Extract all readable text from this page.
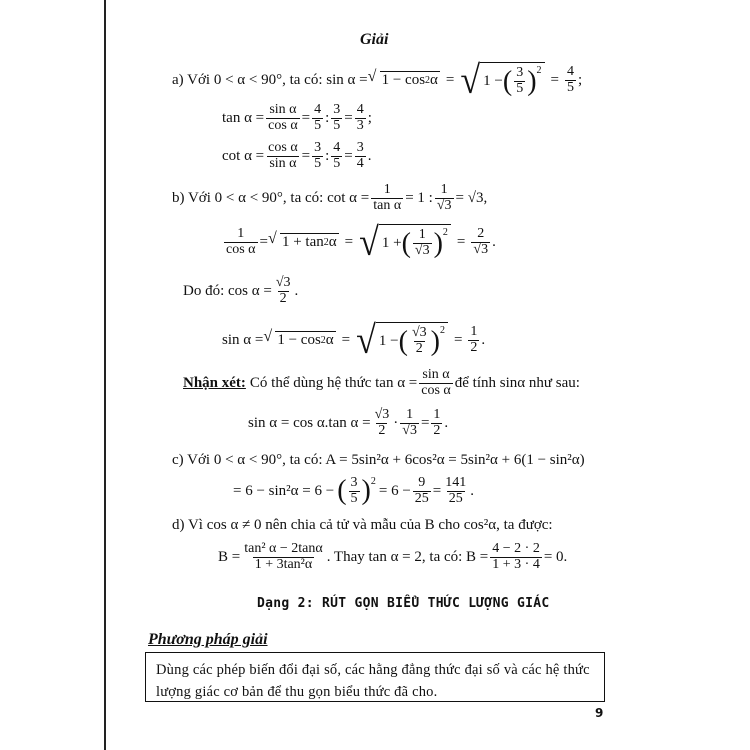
Giải
a) Với 0 < α < 90°, ta có: sin α = √ 1 − cos 2 α = √ 1 − ( $\frac{3}{5}$ ) 2
= $\frac{4}{5}$ ;
$\tan \alpha = \frac{\text{sin α}}{\text{cos α}} = \frac{4}{5}$ : $\frac{3}{5} = \frac{4}{3}$ ;
$\cot \alpha = \frac{\text{cos α}}{\text{sin α}} = \frac{3}{5}$ : $\frac{4}{5} = \frac{3}{4}$ .
b) Với 0 < α < 90°, ta có: $\cot \alpha = \frac{1}{\text{tan α}} = 1$ : $\frac{1}{√3} = √3$,
$\frac{1}{\text{cos α}}$ = √ 1 + tan 2 α = √ 1 + ( $\frac{1}{√3}$ ) 2
= $\frac{2}{√3}$ .
Do đó: $\cos \alpha = \frac{√3}{2}$ .
sin α = √ 1 − cos 2 α = √ 1 − ( $\frac{√3}{2}$ ) 2
= $\frac{1}{2}$ .
Nhận xét: Có thể dùng hệ thức $\tan \alpha = \frac{\text{sin α}}{\text{cos α}}$ để tính sinα như sau:
sin α = cos α.tan $\alpha = \frac{√3}{2} \cdot \frac{1}{√3} = \frac{1}{2}$ .
c) Với 0 < α < 90°, ta có: A = 5sin²α + 6cos²α = 5sin²α + 6(1 − sin²α)
= 6 − sin²α = 6 − ( $\frac{3}{5}$ ) 2
= $6 - \frac{9}{25} = \frac{141}{25}$ .
d) Vì cos α ≠ 0 nên chia cả tử và mẫu của B cho cos²α, ta được:
$B = \frac{\text{tan² α − 2tanα}}{\text{1 + 3tan²α}}$ . Thay tan α = 2, ta có: $B = \frac{4 - 2 \cdot 2}{1 + 3 \cdot 4} = 0$.
Dạng 2: RÚT GỌN BIỂU THỨC LƯỢNG GIÁC
Phương pháp giải
Dùng các phép biến đổi đại số, các hằng đẳng thức đại số và các hệ thức lượng giác cơ bản để thu gọn biểu thức đã cho.
9
